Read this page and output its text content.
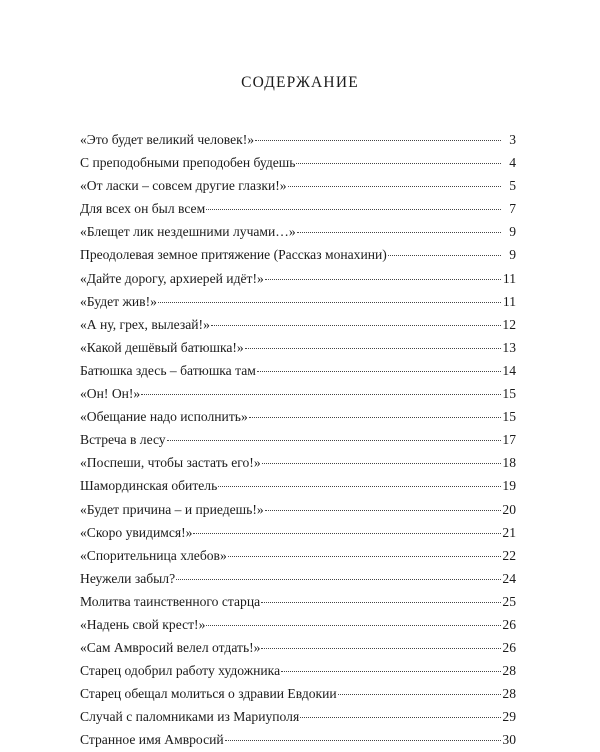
СОДЕРЖАНИЕ
«Это будет великий человек!»	3
С преподобными преподобен будешь	4
«От ласки – совсем другие глазки!»	5
Для всех он был всем	7
«Блещет лик нездешними лучами…»	9
Преодолевая земное притяжение (Рассказ монахини)	9
«Дайте дорогу, архиерей идёт!»	11
«Будет жив!»	11
«А ну, грех, вылезай!»	12
«Какой дешёвый батюшка!»	13
Батюшка здесь – батюшка там	14
«Он! Он!»	15
«Обещание надо исполнить»	15
Встреча в лесу	17
«Поспеши, чтобы застать его!»	18
Шамординская обитель	19
«Будет причина – и приедешь!»	20
«Скоро увидимся!»	21
«Спорительница хлебов»	22
Неужели забыл?	24
Молитва таинственного старца	25
«Надень свой крест!»	26
«Сам Амвросий велел отдать!»	26
Старец одобрил работу художника	28
Старец обещал молиться о здравии Евдокии	28
Случай с паломниками из Мариуполя	29
Странное имя Амвросий	30
